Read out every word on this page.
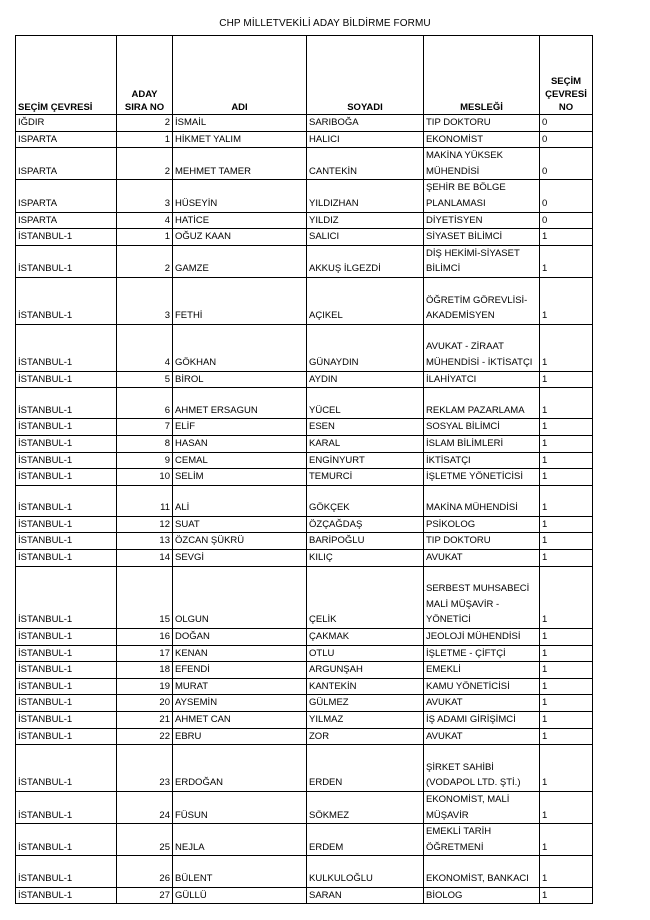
CHP MİLLETVEKİLİ ADAY BİLDİRME FORMU
SEÇİM ÇEVRESİ	ADAY SIRA NO	ADI	SOYADI	MESLEĞİ	SEÇİM ÇEVRESİ NO
IĞDIR	2	İSMAİL	SARIBOĞA	TIP DOKTORU	0
ISPARTA	1	HİKMET YALIM	HALICI	EKONOMİST	0
ISPARTA	2	MEHMET TAMER	CANTEKİN	MAKİNA YÜKSEK MÜHENDİSİ	0
ISPARTA	3	HÜSEYİN	YILDIZHAN	ŞEHİR BE BÖLGE PLANLAMASI	0
ISPARTA	4	HATİCE	YILDIZ	DİYETİSYEN	0
İSTANBUL-1	1	OĞUZ KAAN	SALICI	SİYASET BİLİMCİ	1
İSTANBUL-1	2	GAMZE	AKKUŞ İLGEZDİ	DİŞ HEKİMİ-SİYASET BİLİMCİ	1
İSTANBUL-1	3	FETHİ	AÇIKEL	ÖĞRETİM GÖREVLİSİ-AKADEMİSYEN	1
İSTANBUL-1	4	GÖKHAN	GÜNAYDIN	AVUKAT - ZİRAAT MÜHENDİSİ - İKTİSATÇI	1
İSTANBUL-1	5	BİROL	AYDIN	İLAHİYATCI	1
İSTANBUL-1	6	AHMET ERSAGUN	YÜCEL	REKLAM PAZARLAMA	1
İSTANBUL-1	7	ELİF	ESEN	SOSYAL BİLİMCİ	1
İSTANBUL-1	8	HASAN	KARAL	İSLAM BİLİMLERİ	1
İSTANBUL-1	9	CEMAL	ENGİNYURT	İKTİSATÇI	1
İSTANBUL-1	10	SELİM	TEMURCİ	İŞLETME YÖNETİCİSİ	1
İSTANBUL-1	11	ALİ	GÖKÇEK	MAKİNA MÜHENDİSİ	1
İSTANBUL-1	12	SUAT	ÖZÇAĞDAŞ	PSİKOLOG	1
İSTANBUL-1	13	ÖZCAN ŞÜKRÜ	BARİPOĞLU	TIP DOKTORU	1
İSTANBUL-1	14	SEVGİ	KILIÇ	AVUKAT	1
İSTANBUL-1	15	OLGUN	ÇELİK	SERBEST MUHSABECİ MALİ MÜŞAVİR - YÖNETİCİ	1
İSTANBUL-1	16	DOĞAN	ÇAKMAK	JEOLOJİ MÜHENDİSİ	1
İSTANBUL-1	17	KENAN	OTLU	İŞLETME - ÇİFTÇİ	1
İSTANBUL-1	18	EFENDİ	ARGUNŞAH	EMEKLİ	1
İSTANBUL-1	19	MURAT	KANTEKİN	KAMU YÖNETİCİSİ	1
İSTANBUL-1	20	AYSEMİN	GÜLMEZ	AVUKAT	1
İSTANBUL-1	21	AHMET CAN	YILMAZ	İŞ ADAMI GİRİŞİMCİ	1
İSTANBUL-1	22	EBRU	ZOR	AVUKAT	1
İSTANBUL-1	23	ERDOĞAN	ERDEN	ŞİRKET SAHİBİ (VODAPOL LTD. ŞTİ.)	1
İSTANBUL-1	24	FÜSUN	SÖKMEZ	EKONOMİST, MALİ MÜŞAVİR	1
İSTANBUL-1	25	NEJLA	ERDEM	EMEKLİ TARİH ÖĞRETMENİ	1
İSTANBUL-1	26	BÜLENT	KULKULOĞLU	EKONOMİST, BANKACI	1
İSTANBUL-1	27	GÜLLÜ	SARAN	BİOLOG	1
